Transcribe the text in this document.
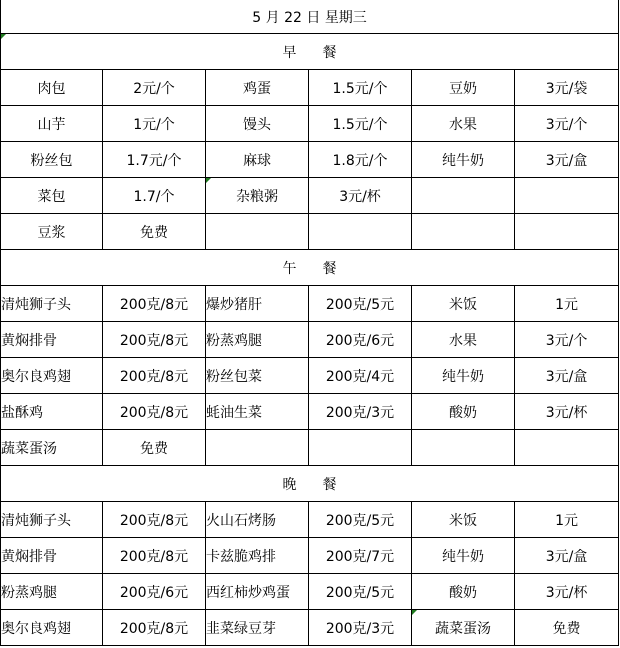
5 月 22 日 星期三					
早 餐					
肉包	2元/个	鸡蛋	1.5元/个	豆奶	3元/袋
山芋	1元/个	馒头	1.5元/个	水果	3元/个
粉丝包	1.7元/个	麻球	1.8元/个	纯牛奶	3元/盒
菜包	1.7/个	杂粮粥	3元/杯		
豆浆	免费				
午 餐					
清炖狮子头	200克/8元	爆炒猪肝	200克/5元	米饭	1元
黄焖排骨	200克/8元	粉蒸鸡腿	200克/6元	水果	3元/个
奥尔良鸡翅	200克/8元	粉丝包菜	200克/4元	纯牛奶	3元/盒
盐酥鸡	200克/8元	蚝油生菜	200克/3元	酸奶	3元/杯
蔬菜蛋汤	免费				
晚 餐					
清炖狮子头	200克/8元	火山石烤肠	200克/5元	米饭	1元
黄焖排骨	200克/8元	卡兹脆鸡排	200克/7元	纯牛奶	3元/盒
粉蒸鸡腿	200克/6元	西红柿炒鸡蛋	200克/5元	酸奶	3元/杯
奥尔良鸡翅	200克/8元	韭菜绿豆芽	200克/3元	蔬菜蛋汤	免费
